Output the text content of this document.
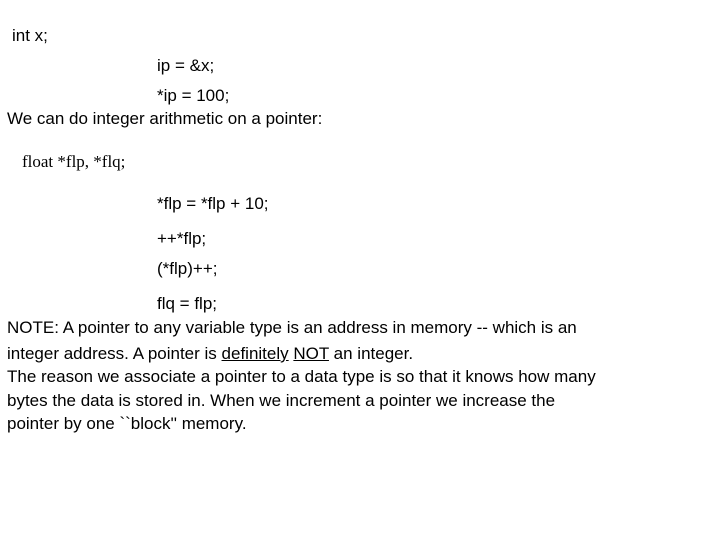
int x;
ip = &x;
*ip = 100;
We can do integer arithmetic on a pointer:
float *flp, *flq;
*flp = *flp + 10;
++*flp;
(*flp)++;
flq = flp;
NOTE: A pointer to any variable type is an address in memory -- which is an
integer address. A pointer is definitely NOT an integer.
The reason we associate a pointer to a data type is so that it knows how many
bytes the data is stored in. When we increment a pointer we increase the
pointer by one ``block'' memory.
